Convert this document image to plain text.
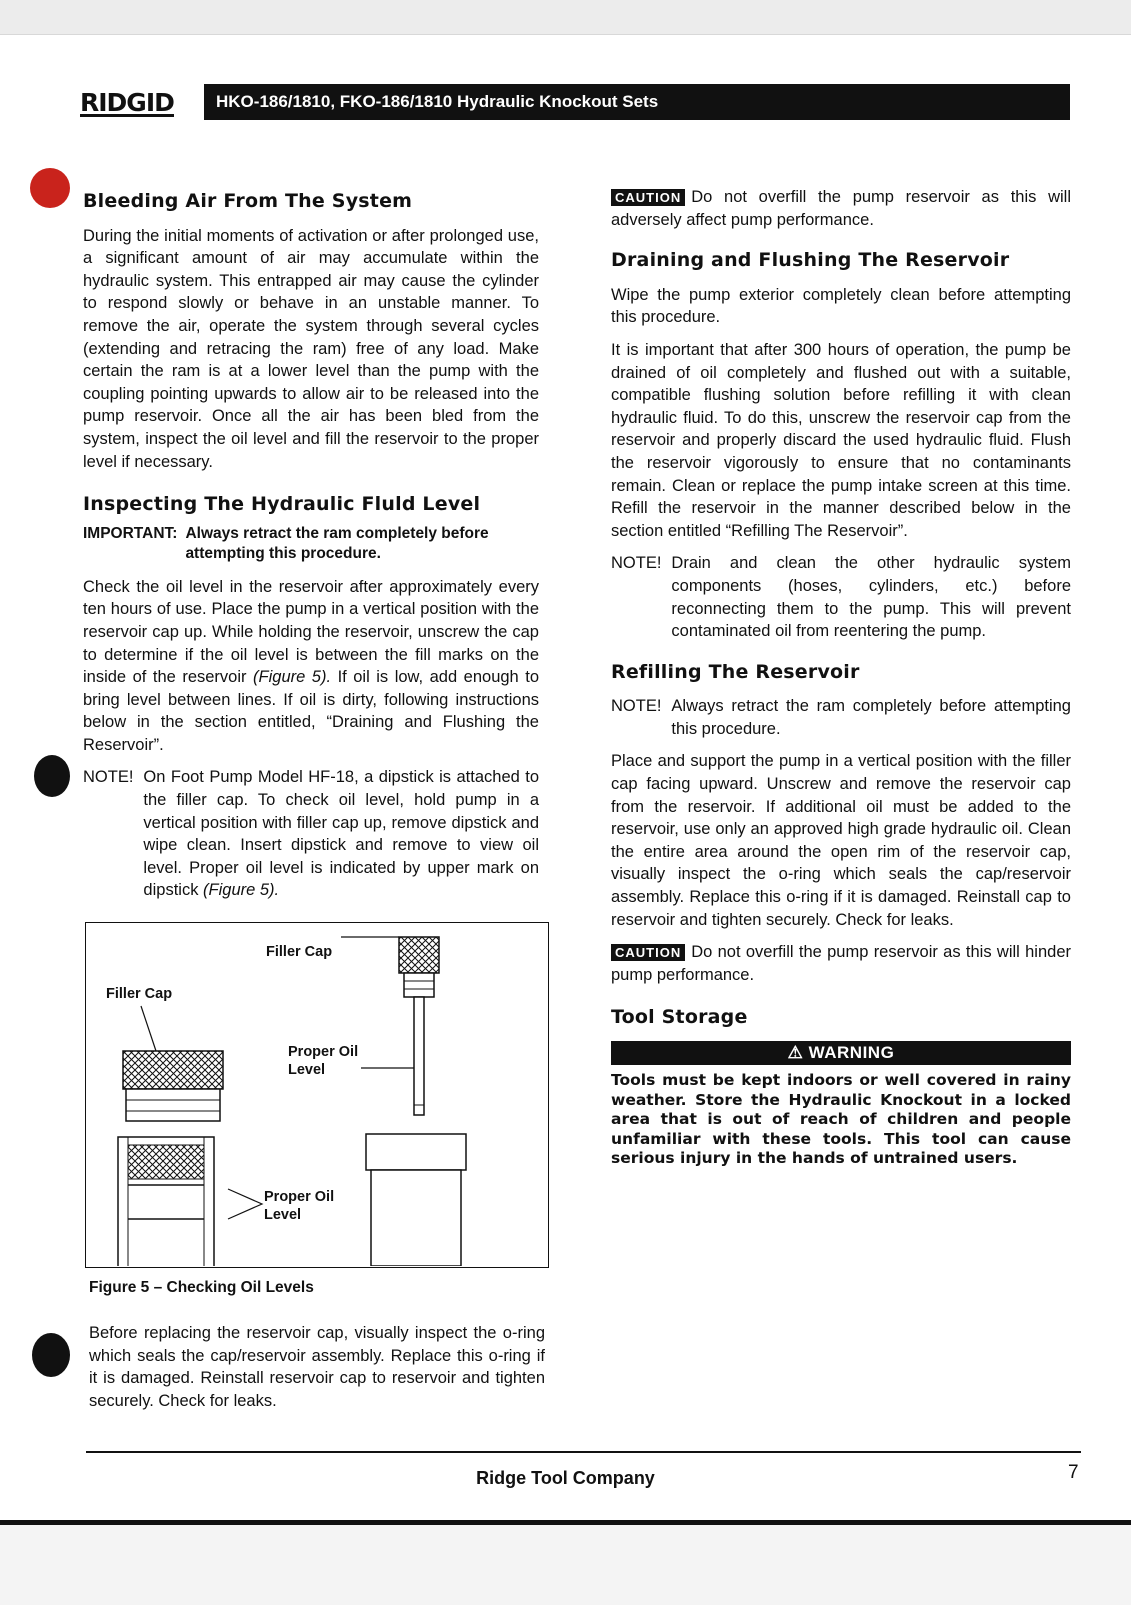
RIDGID	HKO-186/1810, FKO-186/1810 Hydraulic Knockout Sets
Bleeding Air From The System

During the initial moments of activation or after prolonged use, a significant amount of air may accumulate within the hydraulic system. This entrapped air may cause the cylinder to respond slowly or behave in an unstable manner. To remove the air, operate the system through several cycles (extending and retracing the ram) free of any load. Make certain the ram is at a lower level than the pump with the coupling pointing upwards to allow air to be released into the pump reservoir. Once all the air has been bled from the system, inspect the oil level and fill the reservoir to the proper level if necessary.

Inspecting The Hydraulic Fluld Level
IMPORTANT: Always retract the ram completely before attempting this procedure.

Check the oil level in the reservoir after approximately every ten hours of use. Place the pump in a vertical position with the reservoir cap up. While holding the reservoir, unscrew the cap to determine if the oil level is between the fill marks on the inside of the reservoir (Figure 5). If oil is low, add enough to bring level between lines. If oil is dirty, following instructions below in the section entitled, “Draining and Flushing the Reservoir”.

NOTE! On Foot Pump Model HF-18, a dipstick is attached to the filler cap. To check oil level, hold pump in a vertical position with filler cap up, remove dipstick and wipe clean. Insert dipstick and remove to view oil level. Proper oil level is indicated by upper mark on dipstick (Figure 5).
Filler Cap
Filler Cap
Proper Oil Level
Proper Oil Level
Figure 5 – Checking Oil Levels

Before replacing the reservoir cap, visually inspect the o-ring which seals the cap/reservoir assembly. Replace this o-ring if it is damaged. Reinstall reservoir cap to reservoir and tighten securely. Check for leaks.

CAUTION Do not overfill the pump reservoir as this will adversely affect pump performance.

Draining and Flushing The Reservoir

Wipe the pump exterior completely clean before attempting this procedure.

It is important that after 300 hours of operation, the pump be drained of oil completely and flushed out with a suitable, compatible flushing solution before refilling it with clean hydraulic fluid. To do this, unscrew the reservoir cap from the reservoir and properly discard the used hydraulic fluid. Flush the reservoir vigorously to ensure that no contaminants remain. Clean or replace the pump intake screen at this time. Refill the reservoir in the manner described below in the section entitled “Refilling The Reservoir”.

NOTE! Drain and clean the other hydraulic system components (hoses, cylinders, etc.) before reconnecting them to the pump. This will prevent contaminated oil from reentering the pump.
Refilling The Reservoir
NOTE! Always retract the ram completely before attempting this procedure.

Place and support the pump in a vertical position with the filler cap facing upward. Unscrew and remove the reservoir cap from the reservoir. If additional oil must be added to the reservoir, use only an approved high grade hydraulic oil. Clean the entire area around the open rim of the reservoir cap, visually inspect the o-ring which seals the cap/reservoir assembly. Replace this o-ring if it is damaged. Reinstall cap to reservoir and tighten securely. Check for leaks.

CAUTION Do not overfill the pump reservoir as this will hinder pump performance.

Tool Storage
⚠ WARNING
Tools must be kept indoors or well covered in rainy weather. Store the Hydraulic Knockout in a locked area that is out of reach of children and people unfamiliar with these tools. This tool can cause serious injury in the hands of untrained users.
Ridge Tool Company	7
